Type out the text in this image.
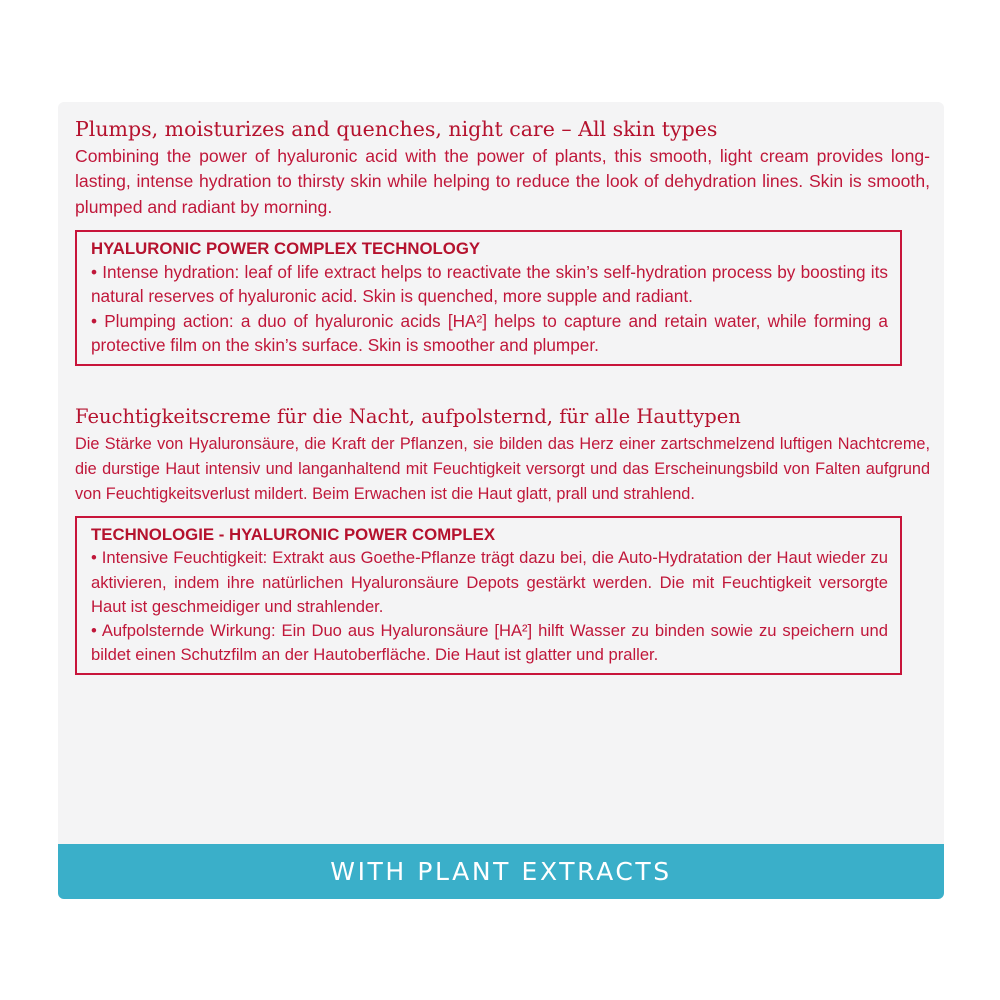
Plumps, moisturizes and quenches, night care – All skin types

Combining the power of hyaluronic acid with the power of plants, this smooth, light cream provides long-lasting, intense hydration to thirsty skin while helping to reduce the look of dehydration lines. Skin is smooth, plumped and radiant by morning.

HYALURONIC POWER COMPLEX TECHNOLOGY

• Intense hydration: leaf of life extract helps to reactivate the skin’s self-hydration process by boosting its natural reserves of hyaluronic acid. Skin is quenched, more supple and radiant.

• Plumping action: a duo of hyaluronic acids [HA²] helps to capture and retain water, while forming a protective film on the skin’s surface. Skin is smoother and plumper.

Feuchtigkeitscreme für die Nacht, aufpolsternd, für alle Hauttypen

Die Stärke von Hyaluronsäure, die Kraft der Pflanzen, sie bilden das Herz einer zartschmelzend luftigen Nachtcreme, die durstige Haut intensiv und langanhaltend mit Feuchtigkeit versorgt und das Erscheinungsbild von Falten aufgrund von Feuchtigkeitsverlust mildert. Beim Erwachen ist die Haut glatt, prall und strahlend.

TECHNOLOGIE - HYALURONIC POWER COMPLEX

• Intensive Feuchtigkeit: Extrakt aus Goethe-Pflanze trägt dazu bei, die Auto-Hydratation der Haut wieder zu aktivieren, indem ihre natürlichen Hyaluronsäure Depots gestärkt werden. Die mit Feuchtigkeit versorgte Haut ist geschmeidiger und strahlender.

• Aufpolsternde Wirkung: Ein Duo aus Hyaluronsäure [HA²] hilft Wasser zu binden sowie zu speichern und bildet einen Schutzfilm an der Hautoberfläche. Die Haut ist glatter und praller.

WITH PLANT EXTRACTS
